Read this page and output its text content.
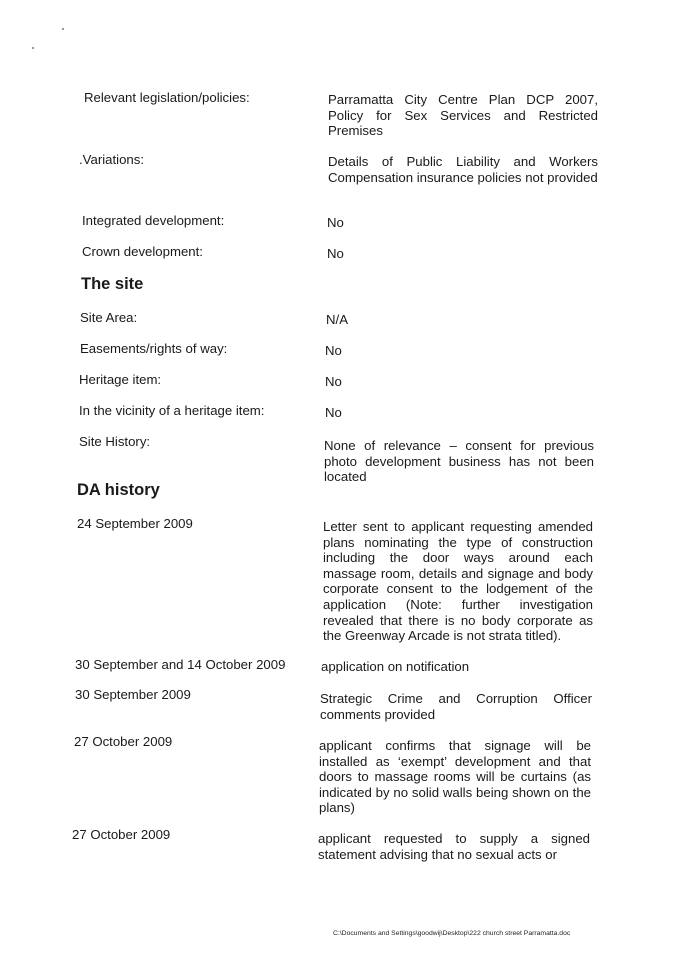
Relevant legislation/policies:	Parramatta City Centre Plan DCP 2007, Policy for Sex Services and Restricted Premises
.Variations:	Details of Public Liability and Workers Compensation insurance policies not provided
Integrated development:	No
Crown development:	No
The site
Site Area:	N/A
Easements/rights of way:	No
Heritage item:	No
In the vicinity of a heritage item:	No
Site History:	None of relevance – consent for previous photo development business has not been located
DA history
24 September 2009	Letter sent to applicant requesting amended plans nominating the type of construction including the door ways around each massage room, details and signage and body corporate consent to the lodgement of the application (Note: further investigation revealed that there is no body corporate as the Greenway Arcade is not strata titled).
30 September and 14 October 2009	application on notification
30 September 2009	Strategic Crime and Corruption Officer comments provided
27 October 2009	applicant confirms that signage will be installed as ‘exempt’ development and that doors to massage rooms will be curtains (as indicated by no solid walls being shown on the plans)
27 October 2009	applicant requested to supply a signed statement advising that no sexual acts or
C:\Documents and Settings\goodwij\Desktop\222 church street Parramatta.doc
